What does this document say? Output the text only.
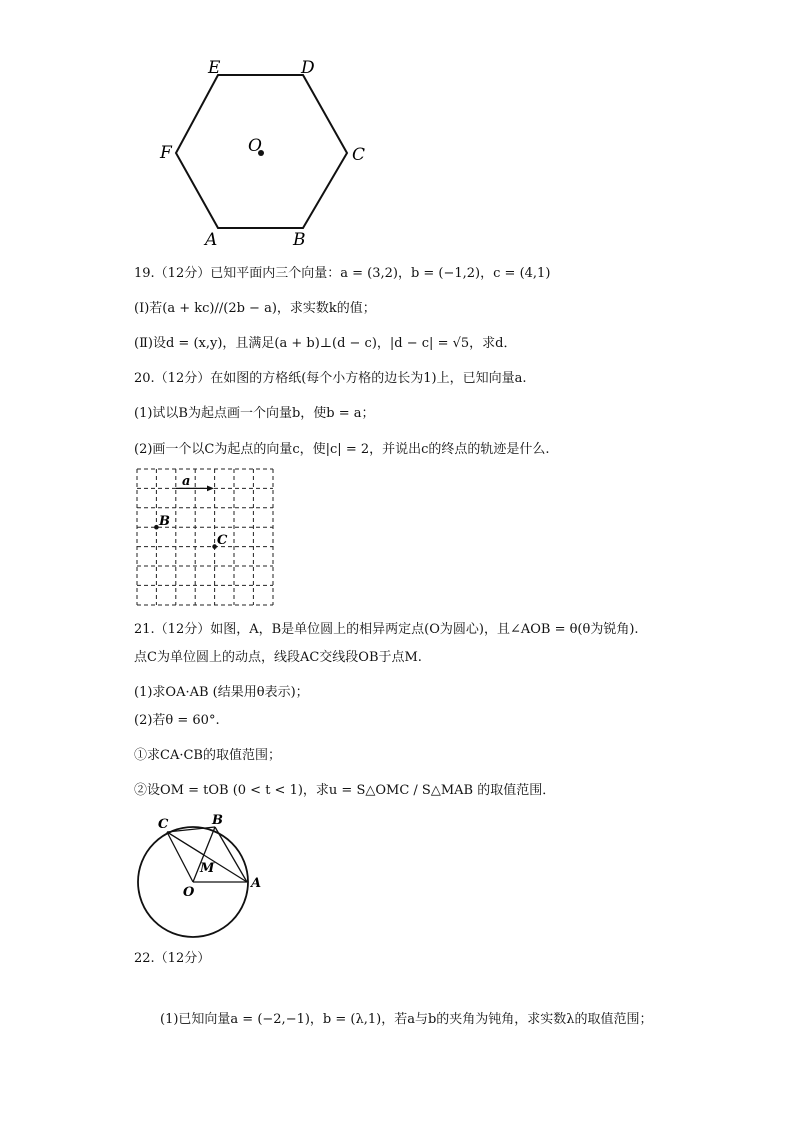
E	D
C
F	O
A	B
19.（12分）已知平面内三个向量：a = (3,2)，b = (−1,2)，c = (4,1)
(Ⅰ)若(a + kc)//(2b − a)，求实数k的值；
(Ⅱ)设d = (x,y)，且满足(a + b)⊥(d − c)，|d − c| = √5，求d．
20.（12分）在如图的方格纸(每个小方格的边长为1)上，已知向量a.
(1)试以B为起点画一个向量b，使b = a；
(2)画一个以C为起点的向量c，使|c| = 2，并说出c的终点的轨迹是什么.
a
B
C
21.（12分）如图，A，B是单位圆上的相异两定点(O为圆心)，且∠AOB = θ(θ为锐角).
点C为单位圆上的动点，线段AC交线段OB于点M.
(1)求OA·AB (结果用θ表示)；
(2)若θ = 60°.
①求CA·CB的取值范围；
②设OM = tOB (0 < t < 1)，求u = S△OMC / S△MAB 的取值范围．
C	B
M
O
A
22.（12分）
(1)已知向量a = (−2,−1)，b = (λ,1)，若a与b的夹角为钝角，求实数λ的取值范围；
